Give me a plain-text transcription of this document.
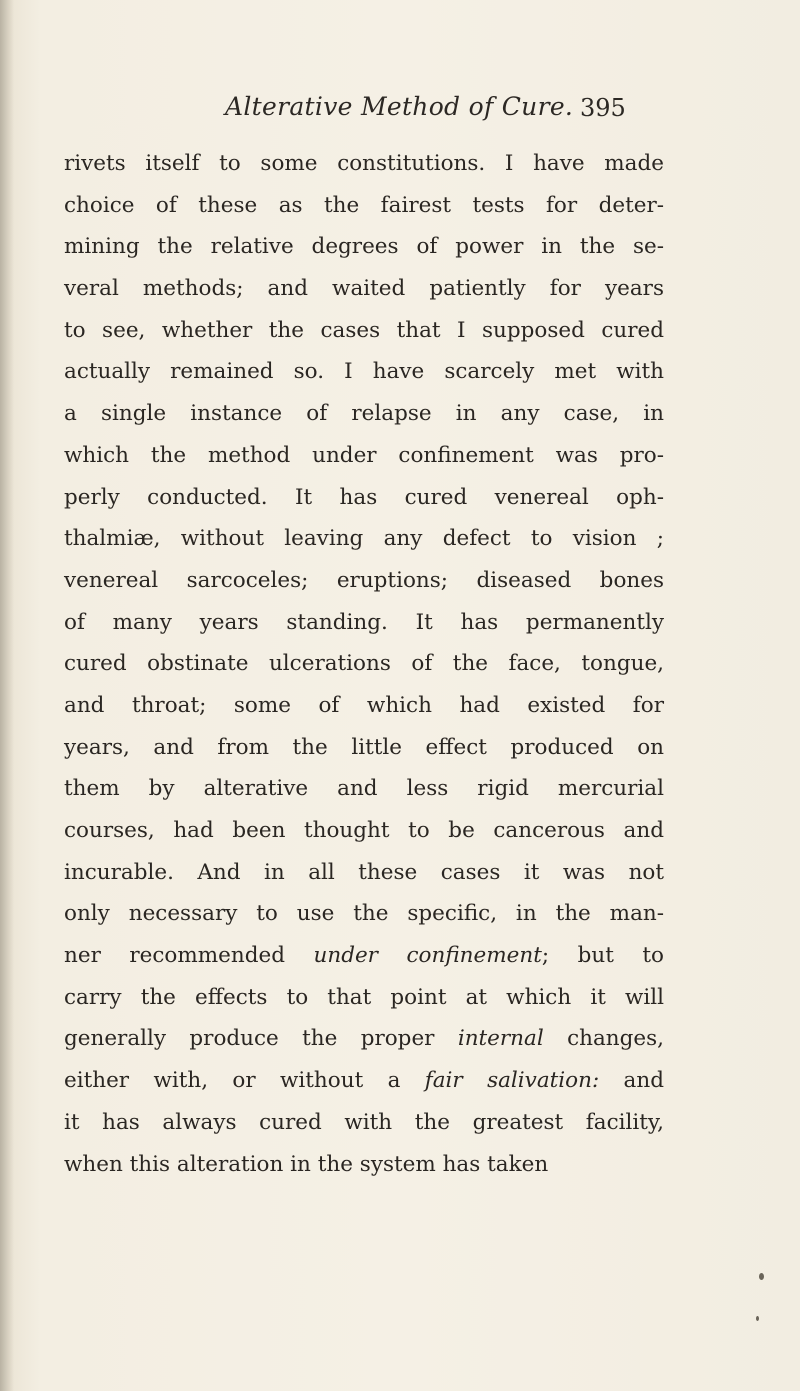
Alterative Method of Cure. 395
rivets itself to some constitutions. I have made
choice of these as the fairest tests for deter-
mining the relative degrees of power in the se-
veral methods; and waited patiently for years
to see, whether the cases that I supposed cured
actually remained so. I have scarcely met with
a single instance of relapse in any case, in
which the method under confinement was pro-
perly conducted. It has cured venereal oph-
thalmiæ, without leaving any defect to vision ;
venereal sarcoceles; eruptions; diseased bones
of many years standing. It has permanently
cured obstinate ulcerations of the face, tongue,
and throat; some of which had existed for
years, and from the little effect produced on
them by alterative and less rigid mercurial
courses, had been thought to be cancerous and
incurable. And in all these cases it was not
only necessary to use the specific, in the man-
ner recommended under confinement; but to
carry the effects to that point at which it will
generally produce the proper internal changes,
either with, or without a fair salivation: and
it has always cured with the greatest facility,
when this alteration in the system has taken
